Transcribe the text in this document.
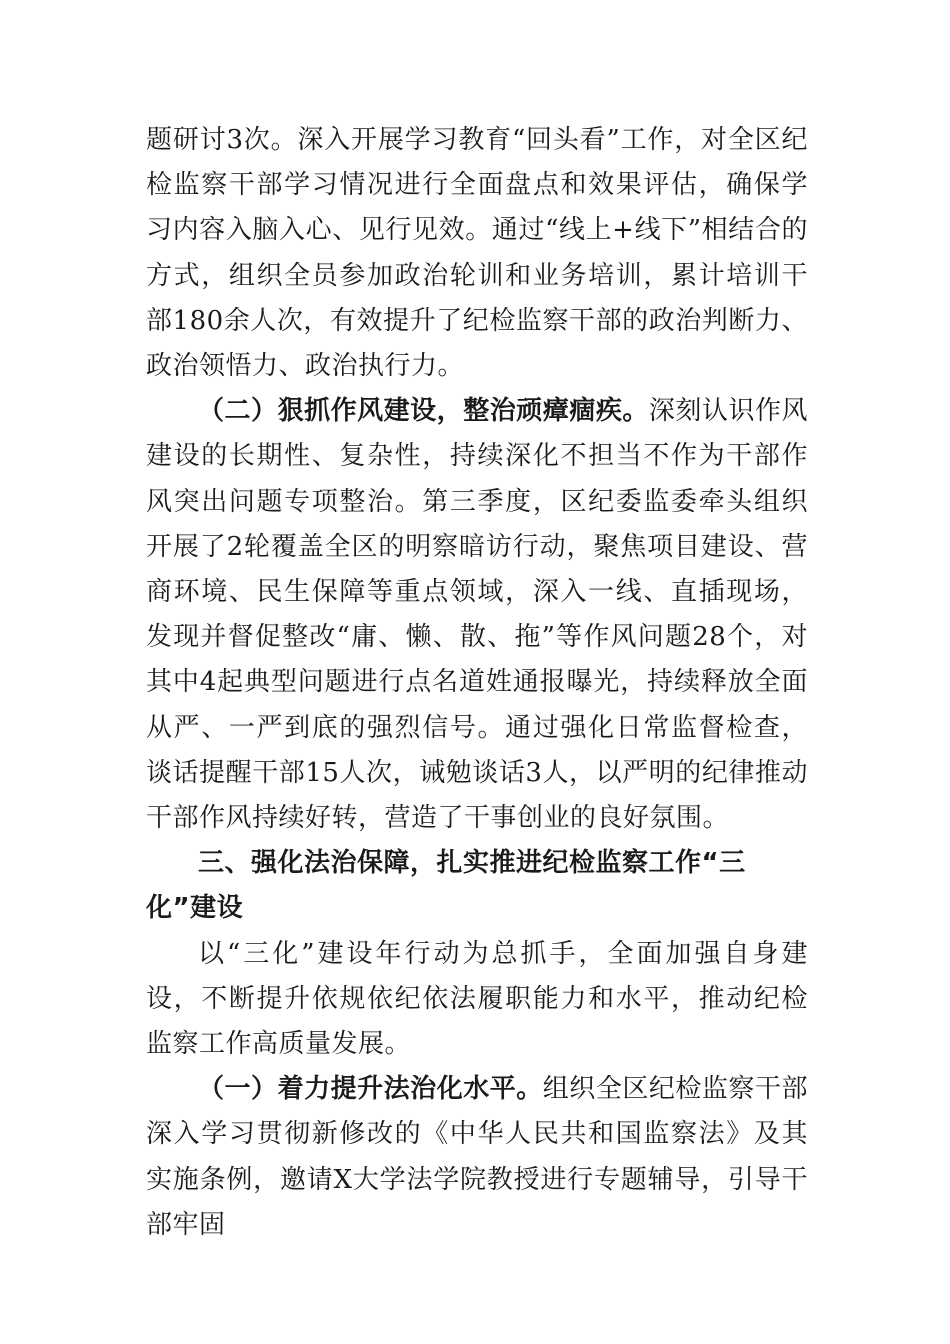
题研讨3次。深入开展学习教育“回头看”工作，对全区纪检监察干部学习情况进行全面盘点和效果评估，确保学习内容入脑入心、见行见效。通过“线上+线下”相结合的方式，组织全员参加政治轮训和业务培训，累计培训干部180余人次，有效提升了纪检监察干部的政治判断力、政治领悟力、政治执行力。

（二）狠抓作风建设，整治顽瘴痼疾。深刻认识作风建设的长期性、复杂性，持续深化不担当不作为干部作风突出问题专项整治。第三季度，区纪委监委牵头组织开展了2轮覆盖全区的明察暗访行动，聚焦项目建设、营商环境、民生保障等重点领域，深入一线、直插现场，发现并督促整改“庸、懒、散、拖”等作风问题28个，对其中4起典型问题进行点名道姓通报曝光，持续释放全面从严、一严到底的强烈信号。通过强化日常监督检查，谈话提醒干部15人次，诫勉谈话3人，以严明的纪律推动干部作风持续好转，营造了干事创业的良好氛围。

三、强化法治保障，扎实推进纪检监察工作“三化”建设

以“三化”建设年行动为总抓手，全面加强自身建设，不断提升依规依纪依法履职能力和水平，推动纪检监察工作高质量发展。

（一）着力提升法治化水平。组织全区纪检监察干部深入学习贯彻新修改的《中华人民共和国监察法》及其实施条例，邀请X大学法学院教授进行专题辅导，引导干部牢固
